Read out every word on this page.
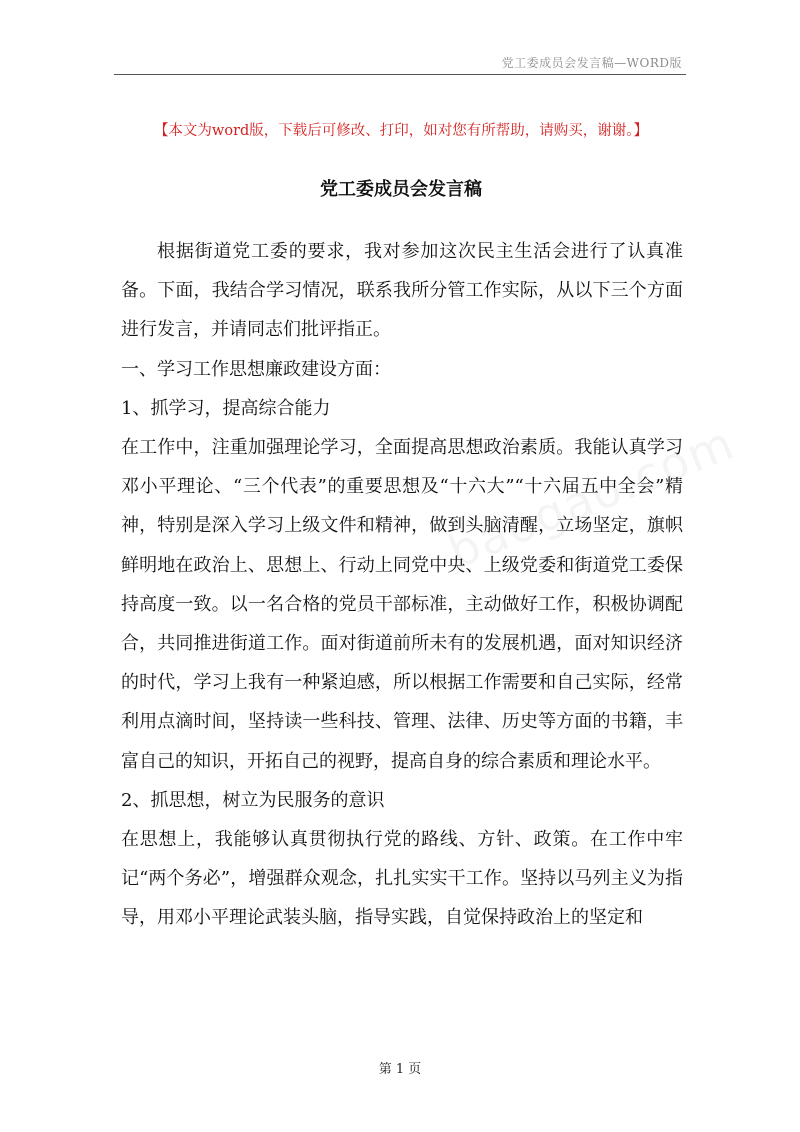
党工委成员会发言稿—WORD版
【本文为word版，下载后可修改、打印，如对您有所帮助，请购买，谢谢。】
党工委成员会发言稿

根据街道党工委的要求，我对参加这次民主生活会进行了认真准备。下面，我结合学习情况，联系我所分管工作实际，从以下三个方面进行发言，并请同志们批评指正。

一、学习工作思想廉政建设方面：

1、抓学习，提高综合能力

在工作中，注重加强理论学习，全面提高思想政治素质。我能认真学习邓小平理论、“三个代表”的重要思想及“十六大”“十六届五中全会”精神，特别是深入学习上级文件和精神，做到头脑清醒，立场坚定，旗帜鲜明地在政治上、思想上、行动上同党中央、上级党委和街道党工委保持高度一致。以一名合格的党员干部标准，主动做好工作，积极协调配合，共同推进街道工作。面对街道前所未有的发展机遇，面对知识经济的时代，学习上我有一种紧迫感，所以根据工作需要和自己实际，经常利用点滴时间，坚持读一些科技、管理、法律、历史等方面的书籍，丰富自己的知识，开拓自己的视野，提高自身的综合素质和理论水平。

2、抓思想，树立为民服务的意识

在思想上，我能够认真贯彻执行党的路线、方针、政策。在工作中牢记“两个务必”，增强群众观念，扎扎实实干工作。坚持以马列主义为指导，用邓小平理论武装头脑，指导实践，自觉保持政治上的坚定和

第 1 页
